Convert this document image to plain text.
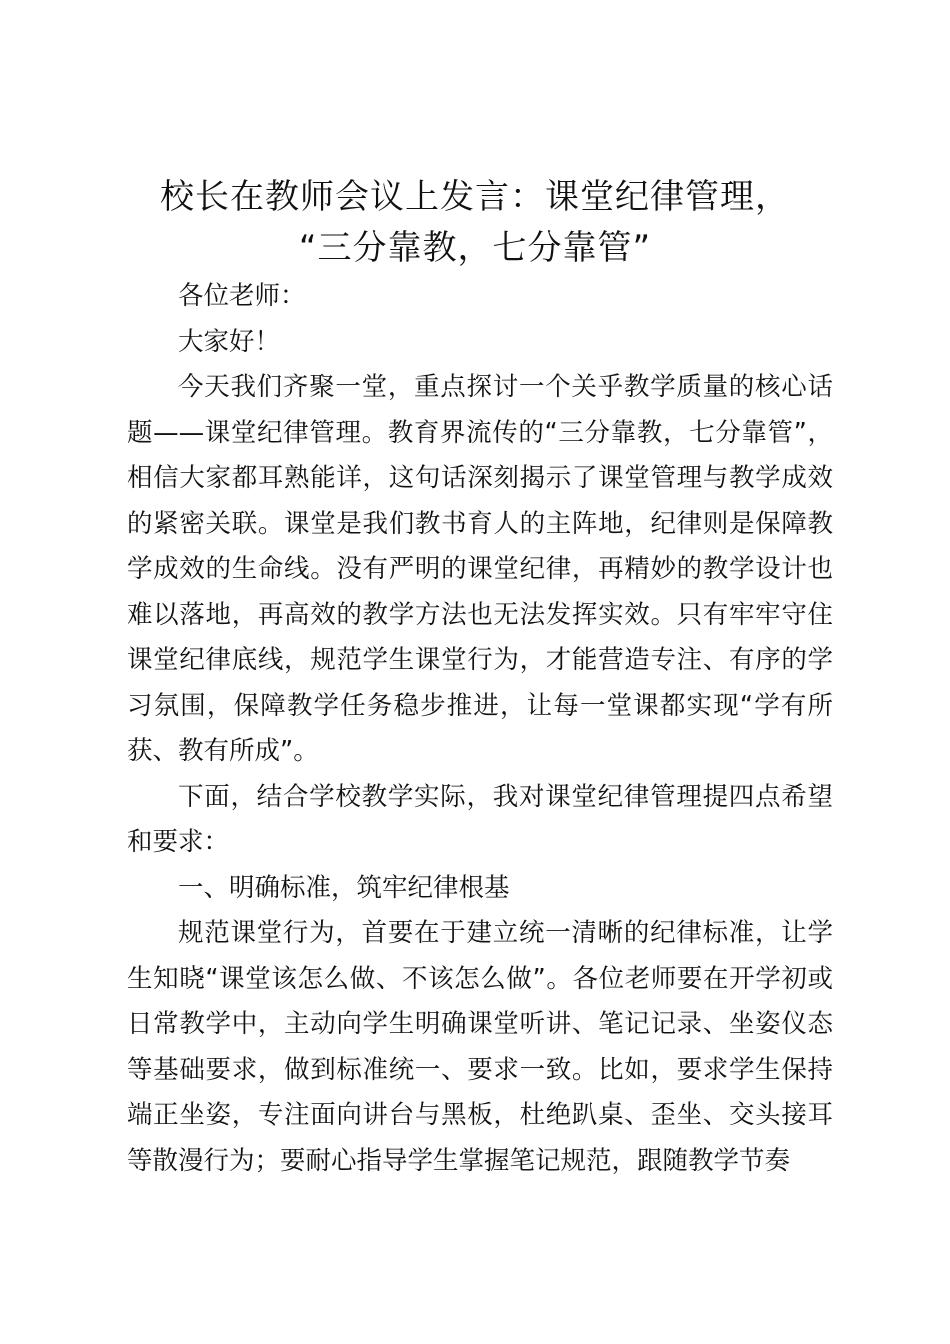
校长在教师会议上发言：课堂纪律管理，
“三分靠教，七分靠管”

各位老师：

大家好！

今天我们齐聚一堂，重点探讨一个关乎教学质量的核心话题——课堂纪律管理。教育界流传的“三分靠教，七分靠管”，相信大家都耳熟能详，这句话深刻揭示了课堂管理与教学成效的紧密关联。课堂是我们教书育人的主阵地，纪律则是保障教学成效的生命线。没有严明的课堂纪律，再精妙的教学设计也难以落地，再高效的教学方法也无法发挥实效。只有牢牢守住课堂纪律底线，规范学生课堂行为，才能营造专注、有序的学习氛围，保障教学任务稳步推进，让每一堂课都实现“学有所获、教有所成”。

下面，结合学校教学实际，我对课堂纪律管理提四点希望和要求：

一、明确标准，筑牢纪律根基

规范课堂行为，首要在于建立统一清晰的纪律标准，让学生知晓“课堂该怎么做、不该怎么做”。各位老师要在开学初或日常教学中，主动向学生明确课堂听讲、笔记记录、坐姿仪态等基础要求，做到标准统一、要求一致。比如，要求学生保持端正坐姿，专注面向讲台与黑板，杜绝趴桌、歪坐、交头接耳等散漫行为；要耐心指导学生掌握笔记规范，跟随教学节奏
